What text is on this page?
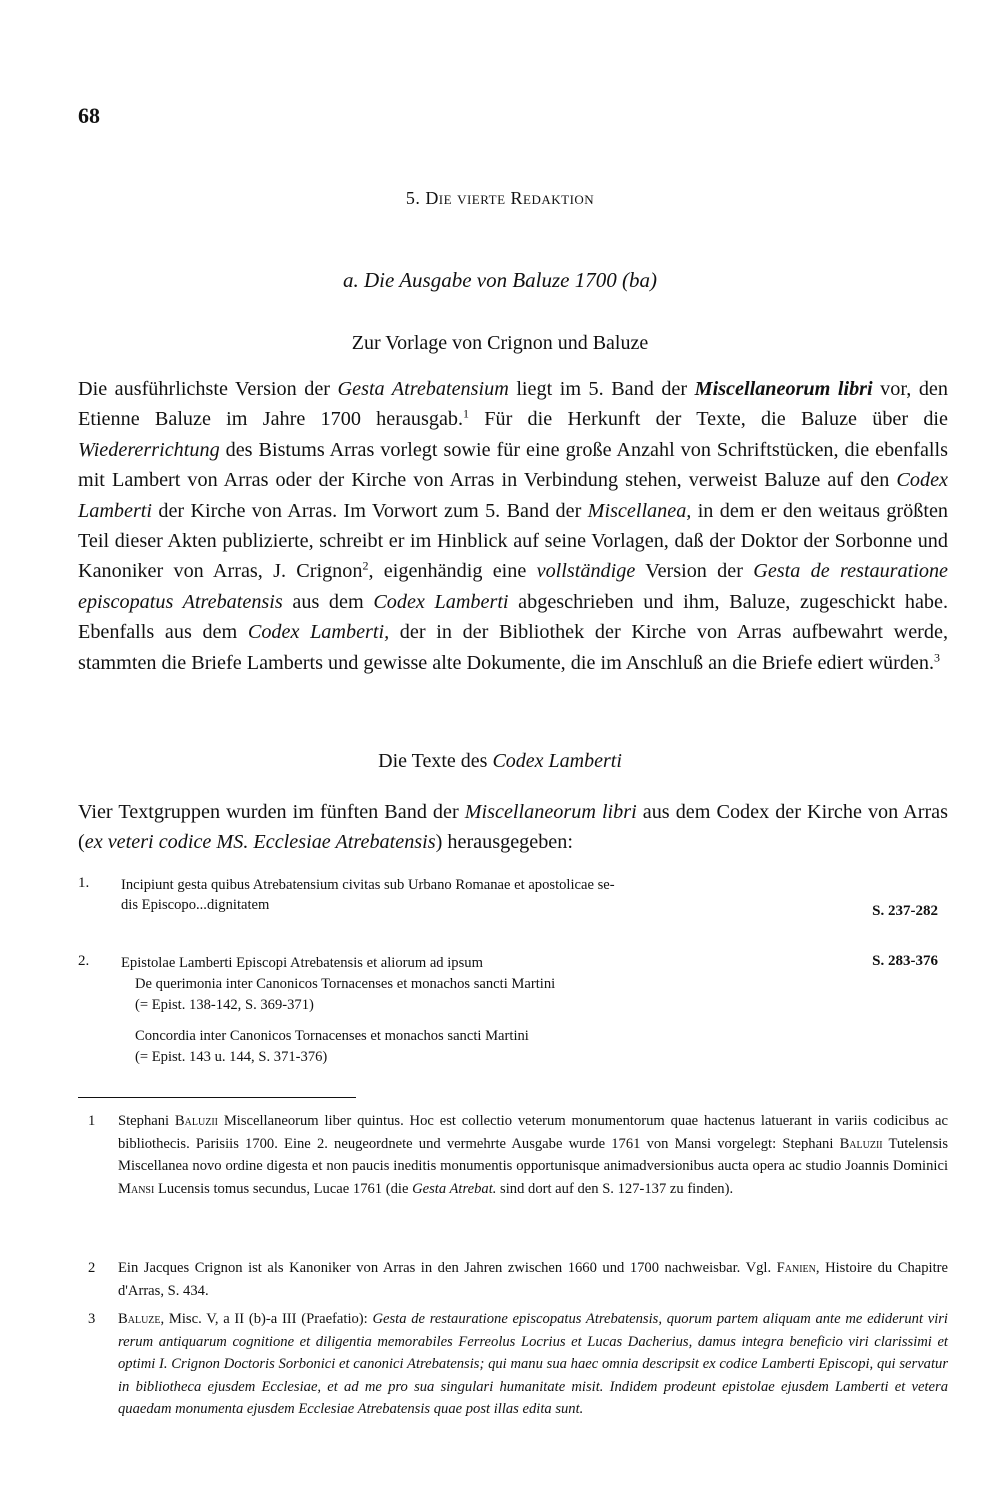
68
5. Die vierte Redaktion
a. Die Ausgabe von Baluze 1700 (ba)
Zur Vorlage von Crignon und Baluze

Die ausführlichste Version der Gesta Atrebatensium liegt im 5. Band der Miscellaneorum libri vor, den Etienne Baluze im Jahre 1700 herausgab.$^1$ Für die Herkunft der Texte, die Baluze über die Wiedererrichtung des Bistums Arras vorlegt sowie für eine große Anzahl von Schriftstücken, die ebenfalls mit Lambert von Arras oder der Kirche von Arras in Verbindung stehen, verweist Baluze auf den Codex Lamberti der Kirche von Arras. Im Vorwort zum 5. Band der Miscellanea, in dem er den weitaus größten Teil dieser Akten publizierte, schreibt er im Hinblick auf seine Vorlagen, daß der Doktor der Sorbonne und Kanoniker von Arras, J. Crignon$^2$, eigenhändig eine vollständige Version der Gesta de restauratione episcopatus Atrebatensis aus dem Codex Lamberti abgeschrieben und ihm, Baluze, zugeschickt habe. Ebenfalls aus dem Codex Lamberti, der in der Bibliothek der Kirche von Arras aufbewahrt werde, stammten die Briefe Lamberts und gewisse alte Dokumente, die im Anschluß an die Briefe ediert würden.$^3$

Die Texte des Codex Lamberti

Vier Textgruppen wurden im fünften Band der Miscellaneorum libri aus dem Codex der Kirche von Arras (ex veteri codice MS. Ecclesiae Atrebatensis) herausgegeben:

1. Incipiunt gesta quibus Atrebatensium civitas sub Urbano Romanae et apostolicae se-
dis Episcopo...dignitatem	S. 237-282
2. Epistolae Lamberti Episcopi Atrebatensis et aliorum ad ipsum	S. 283-376
De querimonia inter Canonicos Tornacenses et monachos sancti Martini
(= Epist. 138-142, S. 369-371)
Concordia inter Canonicos Tornacenses et monachos sancti Martini
(= Epist. 143 u. 144, S. 371-376)
1 Stephani Baluzii Miscellaneorum liber quintus. Hoc est collectio veterum monumentorum quae hactenus latuerant in variis codicibus ac bibliothecis. Parisiis 1700. Eine 2. neugeordnete und vermehrte Ausgabe wurde 1761 von Mansi vorgelegt: Stephani Baluzii Tutelensis Miscellanea novo ordine digesta et non paucis ineditis monumentis opportunisque animadversionibus aucta opera ac studio Joannis Dominici Mansi Lucensis tomus secundus, Lucae 1761 (die Gesta Atrebat. sind dort auf den S. 127-137 zu finden).
2 Ein Jacques Crignon ist als Kanoniker von Arras in den Jahren zwischen 1660 und 1700 nachweisbar. Vgl. Fanien, Histoire du Chapitre d'Arras, S. 434.
3 Baluze, Misc. V, a II (b)-a III (Praefatio): Gesta de restauratione episcopatus Atrebatensis, quorum partem aliquam ante me ediderunt viri rerum antiquarum cognitione et diligentia memorabiles Ferreolus Locrius et Lucas Dacherius, damus integra beneficio viri clarissimi et optimi I. Crignon Doctoris Sorbonici et canonici Atrebatensis; qui manu sua haec omnia descripsit ex codice Lamberti Episcopi, qui servatur in bibliotheca ejusdem Ecclesiae, et ad me pro sua singulari humanitate misit. Indidem prodeunt epistolae ejusdem Lamberti et vetera quaedam monumenta ejusdem Ecclesiae Atrebatensis quae post illas edita sunt.
